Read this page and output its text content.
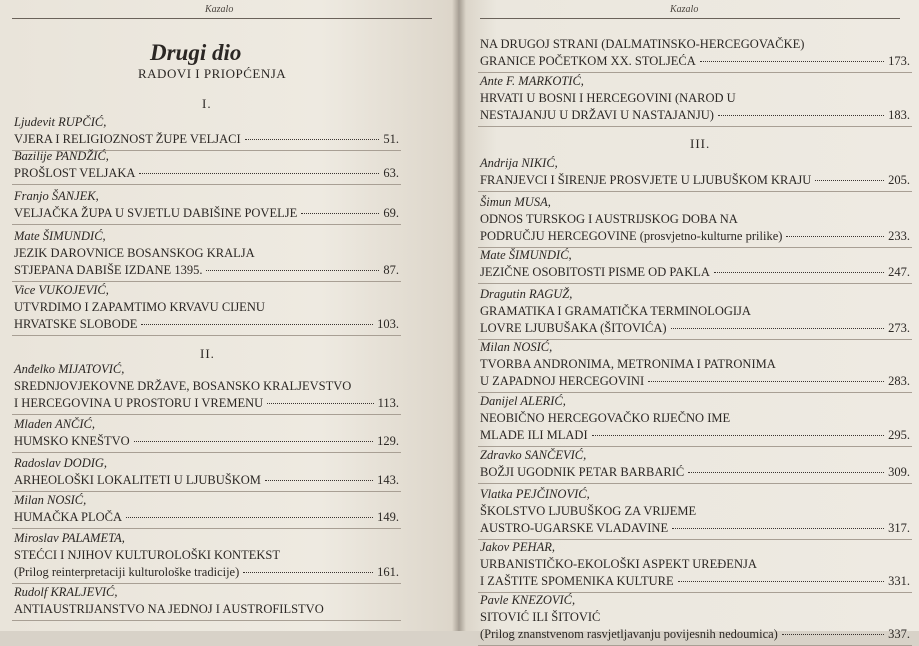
Kazalo
Drugi dio
RADOVI I PRIOPĆENJA
I.
II.
Ljudevit RUPČIĆ,
VJERA I RELIGIOZNOST ŽUPE VELJACI	51.
Bazilije PANDŽIĆ,
PROŠLOST VELJAKA	63.
Franjo ŠANJEK,
VELJAČKA ŽUPA U SVJETLU DABIŠINE POVELJE	69.
Mate ŠIMUNDIĆ,
JEZIK DAROVNICE BOSANSKOG KRALJA
STJEPANA DABIŠE IZDANE 1395.	87.
Vice VUKOJEVIĆ,
UTVRDIMO I ZAPAMTIMO KRVAVU CIJENU
HRVATSKE SLOBODE	103.
Anđelko MIJATOVIĆ,
SREDNJOVJEKOVNE DRŽAVE, BOSANSKO KRALJEVSTVO
I HERCEGOVINA U PROSTORU I VREMENU	113.
Mladen ANČIĆ,
HUMSKO KNEŠTVO	129.
Radoslav DODIG,
ARHEOLOŠKI LOKALITETI U LJUBUŠKOM	143.
Milan NOSIĆ,
HUMAČKA PLOČA	149.
Miroslav PALAMETA,
STEĆCI I NJIHOV KULTUROLOŠKI KONTEKST
(Prilog reinterpretaciji kulturološke tradicije)	161.
Rudolf KRALJEVIĆ,
ANTIAUSTRIJANSTVO NA JEDNOJ I AUSTROFILSTVO
Kazalo
III.
NA DRUGOJ STRANI (DALMATINSKO-HERCEGOVAČKE)
GRANICE POČETKOM XX. STOLJEĆA	173.
Ante F. MARKOTIĆ,
HRVATI U BOSNI I HERCEGOVINI (NAROD U
NESTAJANJU U DRŽAVI U NASTAJANJU)	183.
Andrija NIKIĆ,
FRANJEVCI I ŠIRENJE PROSVJETE U LJUBUŠKOM KRAJU	205.
Šimun MUSA,
ODNOS TURSKOG I AUSTRIJSKOG DOBA NA
PODRUČJU HERCEGOVINE (prosvjetno-kulturne prilike)	233.
Mate ŠIMUNDIĆ,
JEZIČNE OSOBITOSTI PISME OD PAKLA	247.
Dragutin RAGUŽ,
GRAMATIKA I GRAMATIČKA TERMINOLOGIJA
LOVRE LJUBUŠAKA (ŠITOVIĆA)	273.
Milan NOSIĆ,
TVORBA ANDRONIMA, METRONIMA I PATRONIMA
U ZAPADNOJ HERCEGOVINI	283.
Danijel ALERIĆ,
NEOBIČNO HERCEGOVAČKO RIJEČNO IME
MLADE ILI MLADI	295.
Zdravko SANČEVIĆ,
BOŽJI UGODNIK PETAR BARBARIĆ	309.
Vlatka PEJČINOVIĆ,
ŠKOLSTVO LJUBUŠKOG ZA VRIJEME
AUSTRO-UGARSKE VLADAVINE	317.
Jakov PEHAR,
URBANISTIČKO-EKOLOŠKI ASPEKT UREĐENJA
I ZAŠTITE SPOMENIKA KULTURE	331.
Pavle KNEZOVIĆ,
SITOVIĆ ILI ŠITOVIĆ
(Prilog znanstvenom rasvjetljavanju povijesnih nedoumica)	337.
